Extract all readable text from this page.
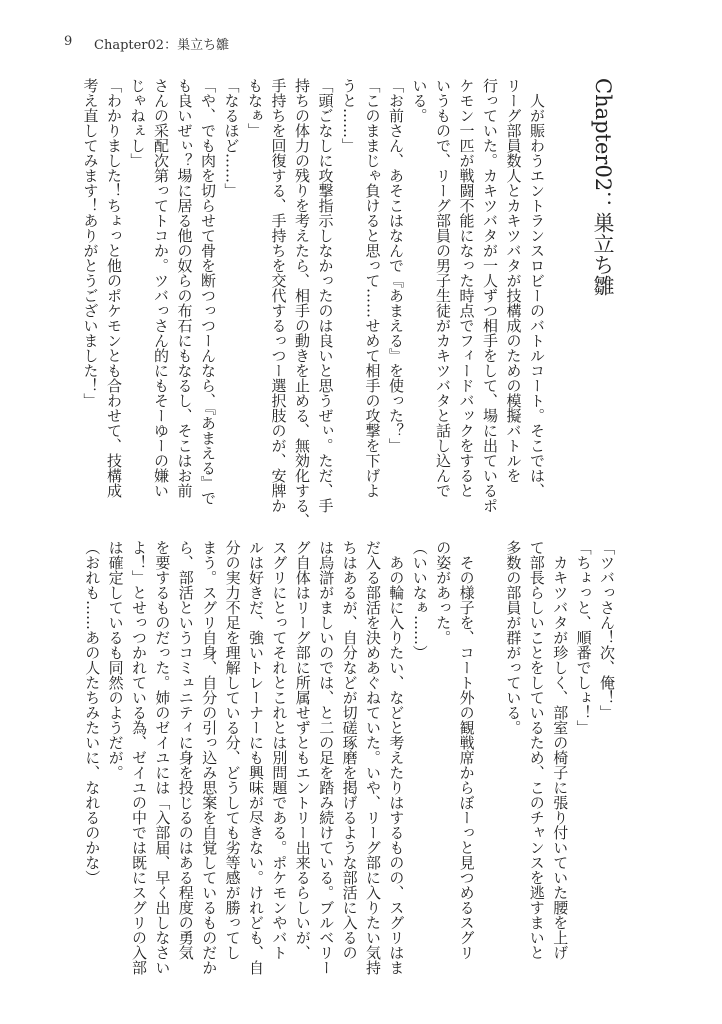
9 Chapter02：巣立ち雛
Chapter02：巣立ち雛
　人が賑わうエントランスロビーのバトルコート。そこでは、
リーグ部員数人とカキツバタが技構成のための模擬バトルを
行っていた。カキツバタが一人ずつ相手をして、場に出ているポ
ケモン一匹が戦闘不能になった時点でフィードバックをすると
いうもので、リーグ部員の男子生徒がカキツバタと話し込んで
いる。
「お前さん、あそこはなんで『あまえる』を使った？」
「このままじゃ負けると思って……せめて相手の攻撃を下げよ
うと……」
「頭ごなしに攻撃指示しなかったのは良いと思うぜぃ。ただ、手
持ちの体力の残りを考えたら、相手の動きを止める、無効化する、
手持ちを回復する、手持ちを交代するっつー選択肢のが、安牌か
もなぁ」
「なるほど……」
「や、でも肉を切らせて骨を断つっつーんなら、『あまえる』で
も良いぜぃ？場に居る他の奴らの布石にもなるし、そこはお前
さんの采配次第ってトコか。ツバっさん的にもそーゆーの嫌い
じゃねぇし」
「わかりました！ちょっと他のポケモンとも合わせて、技構成
考え直してみます！ありがとうございました！」
「ツバっさん！次、俺！」
「ちょっと、順番でしょ！」
　カキツバタが珍しく、部室の椅子に張り付いていた腰を上げ
て部長らしいことをしているため、このチャンスを逃すまいと
多数の部員が群がっている。
　その様子を、コート外の観戦席からぼーっと見つめるスグリ
の姿があった。
（いいなぁ……）
　あの輪に入りたい、などと考えたりはするものの、スグリはま
だ入る部活を決めあぐねていた。いや、リーグ部に入りたい気持
ちはあるが、自分などが切磋琢磨を掲げるような部活に入るの
は烏滸がましいのでは、と二の足を踏み続けている。ブルベリー
グ自体はリーグ部に所属せずともエントリー出来るらしいが、
スグリにとってそれとこれとは別問題である。ポケモンやバト
ルは好きだ、強いトレーナーにも興味が尽きない。けれども、自
分の実力不足を理解している分、どうしても劣等感が勝ってし
まう。スグリ自身、自分の引っ込み思案を自覚しているものだか
ら、部活というコミュニティに身を投じるのはある程度の勇気
を要するものだった。姉のゼイユには「入部届、早く出しなさい
よ！」とせっつかれている為、ゼイユの中では既にスグリの入部
は確定しているも同然のようだが。
（おれも……あの人たちみたいに、なれるのかな）
